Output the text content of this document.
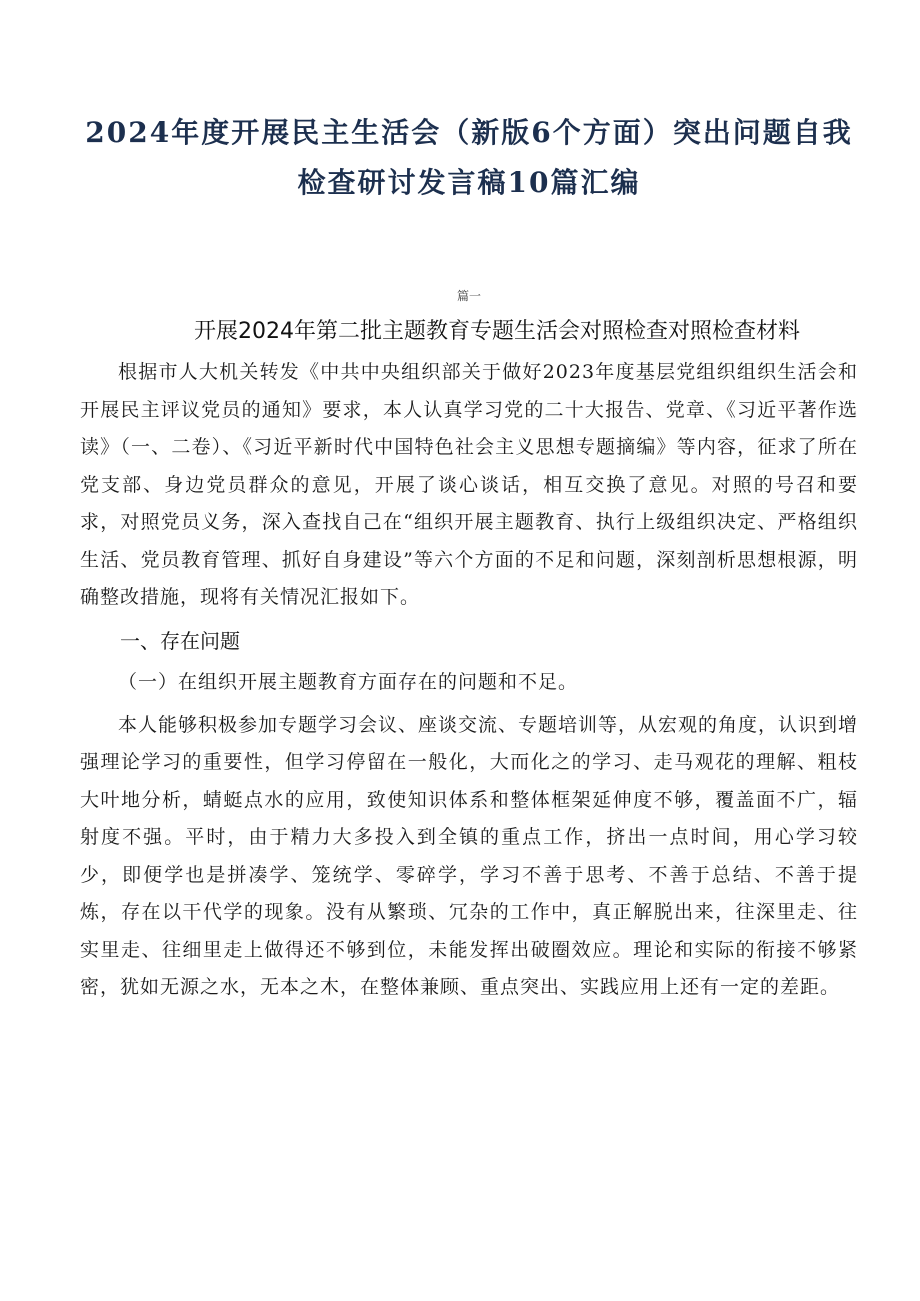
2024年度开展民主生活会（新版6个方面）突出问题自我
检查研讨发言稿10篇汇编
篇一
开展2024年第二批主题教育专题生活会对照检查对照检查材料

根据市人大机关转发《中共中央组织部关于做好2023年度基层党组织组织生活会和开展民主评议党员的通知》要求，本人认真学习党的二十大报告、党章、《习近平著作选读》（一、二卷）、《习近平新时代中国特色社会主义思想专题摘编》等内容，征求了所在党支部、身边党员群众的意见，开展了谈心谈话，相互交换了意见。对照的号召和要求，对照党员义务，深入查找自己在“组织开展主题教育、执行上级组织决定、严格组织生活、党员教育管理、抓好自身建设”等六个方面的不足和问题，深刻剖析思想根源，明确整改措施，现将有关情况汇报如下。

一、存在问题

（一）在组织开展主题教育方面存在的问题和不足。

本人能够积极参加专题学习会议、座谈交流、专题培训等，从宏观的角度，认识到增强理论学习的重要性，但学习停留在一般化，大而化之的学习、走马观花的理解、粗枝大叶地分析，蜻蜓点水的应用，致使知识体系和整体框架延伸度不够，覆盖面不广，辐射度不强。平时，由于精力大多投入到全镇的重点工作，挤出一点时间，用心学习较少，即便学也是拼凑学、笼统学、零碎学，学习不善于思考、不善于总结、不善于提炼，存在以干代学的现象。没有从繁琐、冗杂的工作中，真正解脱出来，往深里走、往实里走、往细里走上做得还不够到位，未能发挥出破圈效应。理论和实际的衔接不够紧密，犹如无源之水，无本之木，在整体兼顾、重点突出、实践应用上还有一定的差距。
